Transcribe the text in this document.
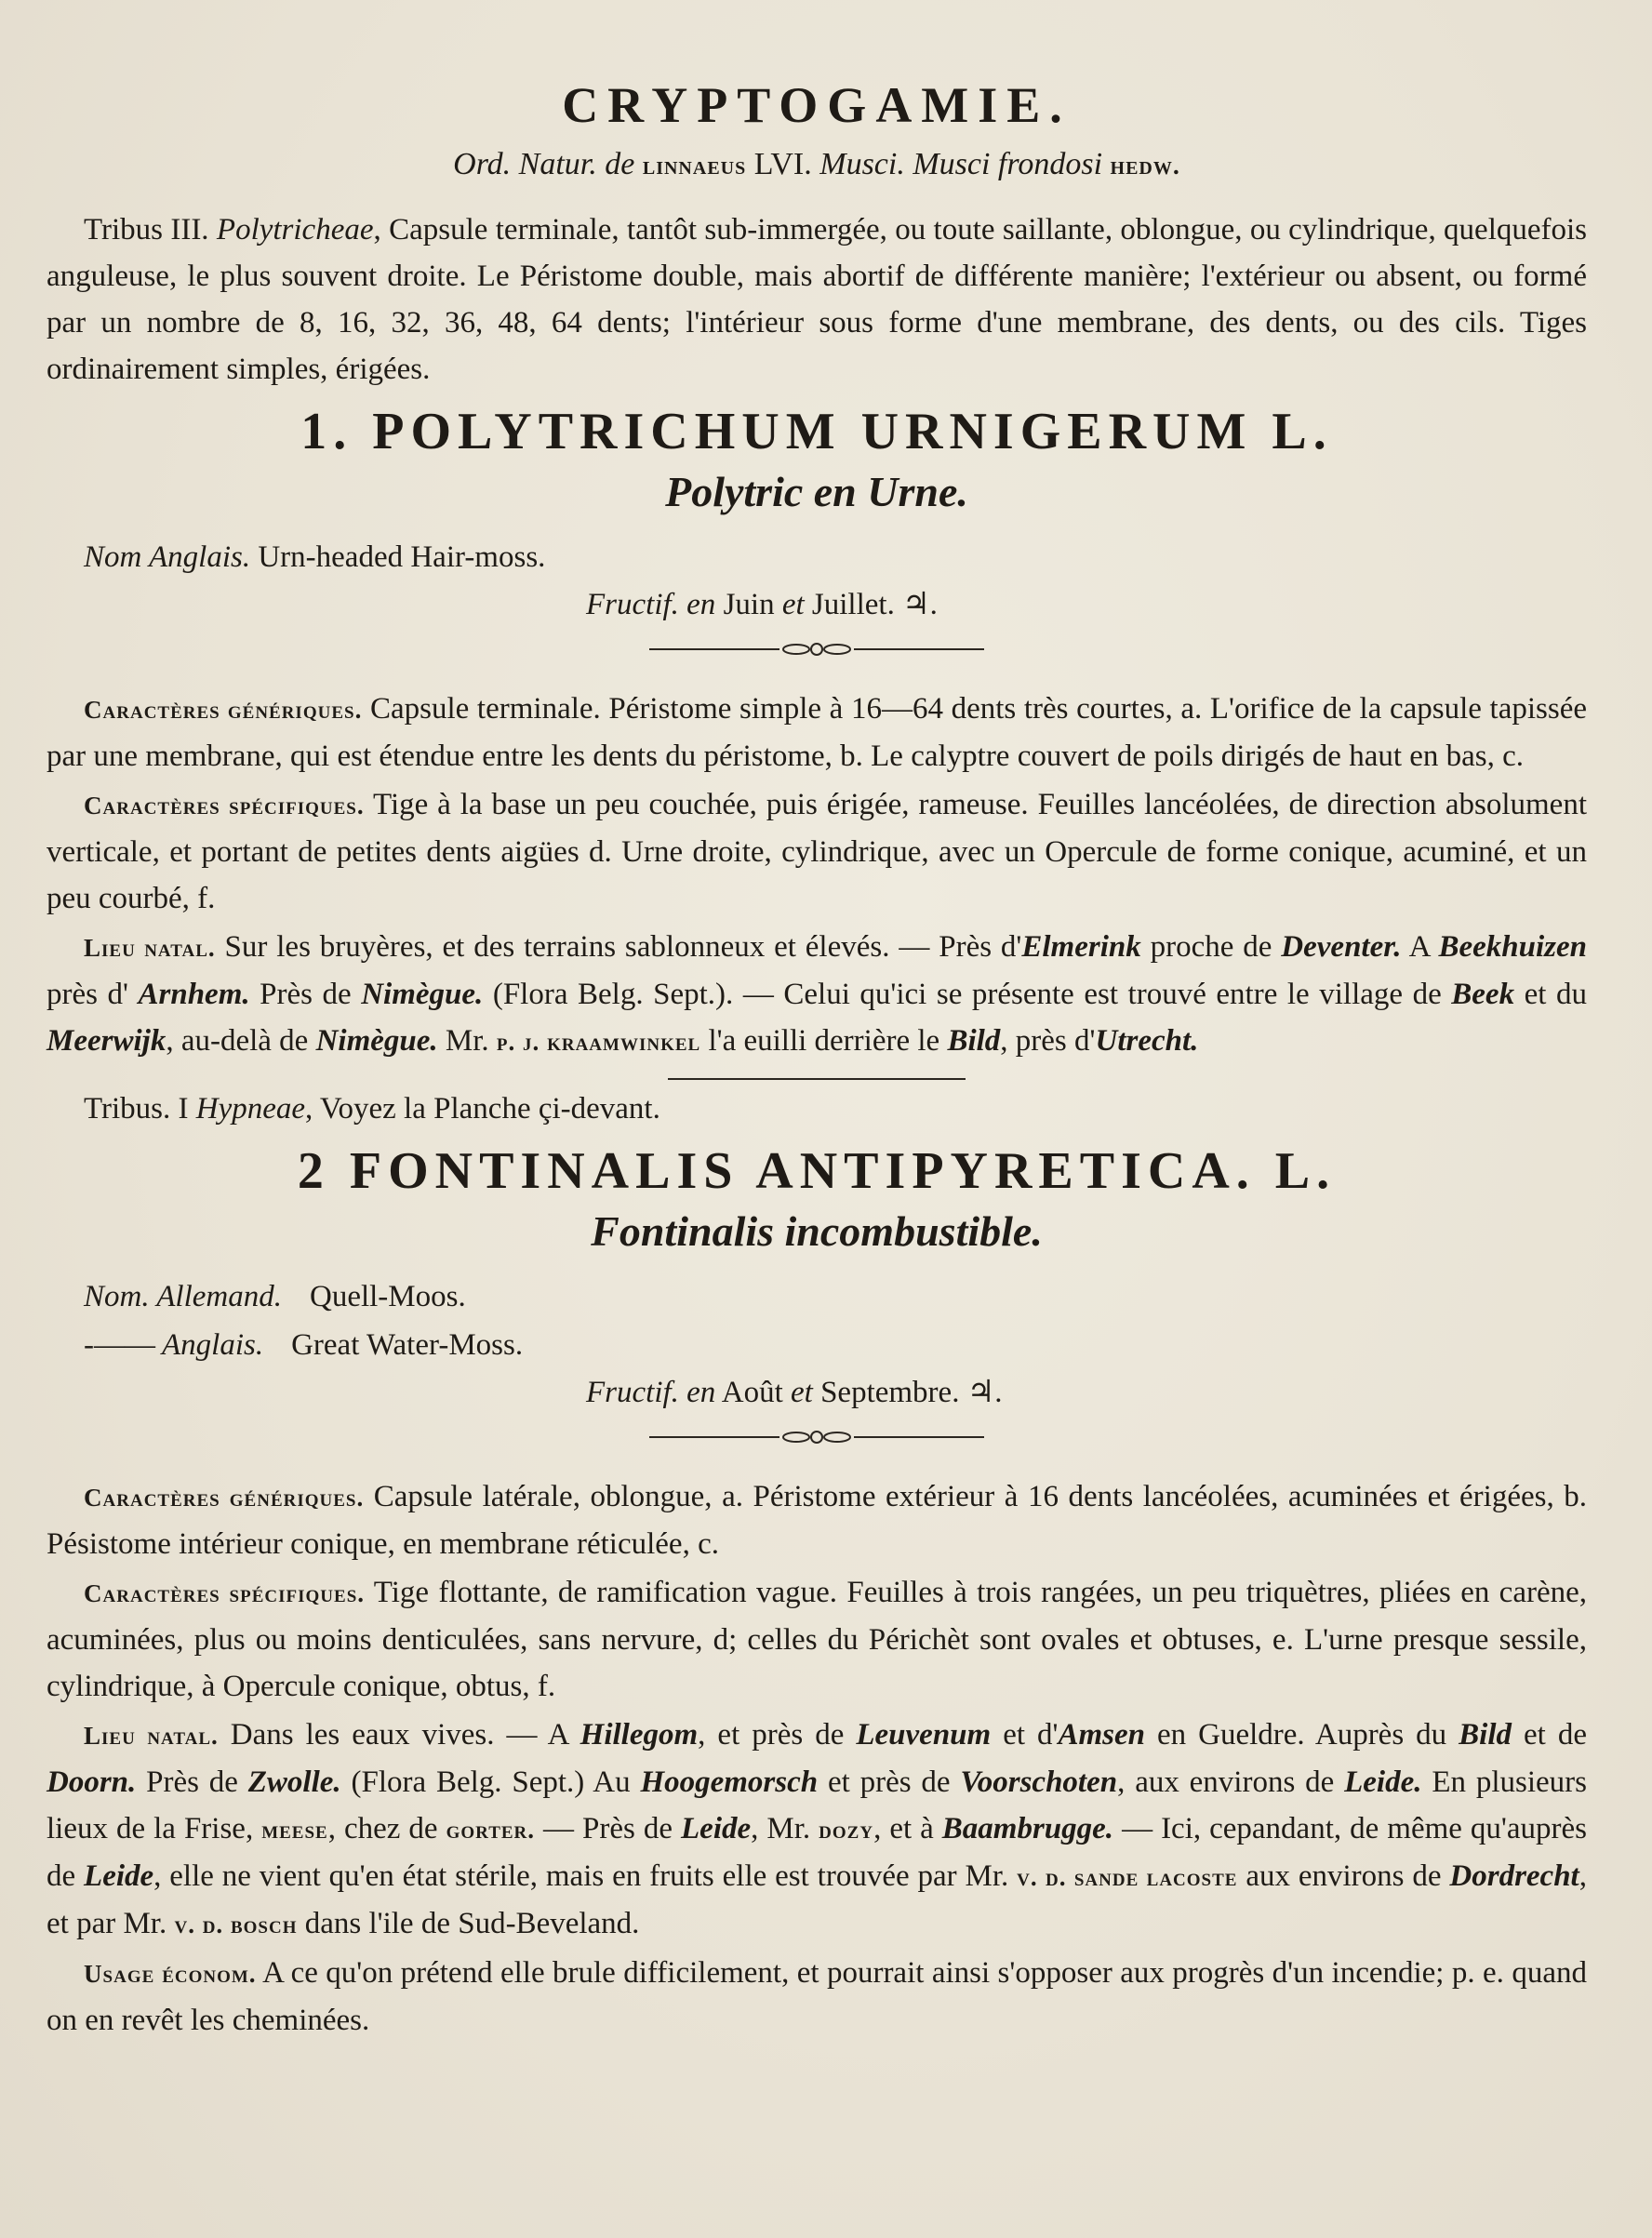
CRYPTOGAMIE.
Ord. Natur. de linnaeus LVI. Musci. Musci frondosi hedw.

Tribus III. Polytricheae, Capsule terminale, tantôt sub-immergée, ou toute saillante, oblongue, ou cylindrique, quelquefois anguleuse, le plus souvent droite. Le Péristome double, mais abortif de différente manière; l'extérieur ou absent, ou formé par un nombre de 8, 16, 32, 36, 48, 64 dents; l'intérieur sous forme d'une membrane, des dents, ou des cils. Tiges ordinairement simples, érigées.

1. POLYTRICHUM URNIGERUM L.
Polytric en Urne.
Nom Anglais. Urn-headed Hair-moss.
Fructif. en Juin et Juillet. ♃.

Caractères génériques. Capsule terminale. Péristome simple à 16—64 dents très courtes, a. L'orifice de la capsule tapissée par une membrane, qui est étendue entre les dents du péristome, b. Le calyptre couvert de poils dirigés de haut en bas, c.

Caractères spécifiques. Tige à la base un peu couchée, puis érigée, rameuse. Feuilles lancéolées, de direction absolument verticale, et portant de petites dents aigües d. Urne droite, cylindrique, avec un Opercule de forme conique, acuminé, et un peu courbé, f.

Lieu natal. Sur les bruyères, et des terrains sablonneux et élevés. — Près d'Elmerink proche de Deventer. A Beekhuizen près d' Arnhem. Près de Nimègue. (Flora Belg. Sept.). — Celui qu'ici se présente est trouvé entre le village de Beek et du Meerwijk, au-delà de Nimègue. Mr. p. j. kraamwinkel l'a euilli derrière le Bild, près d'Utrecht.

Tribus. I Hypneae, Voyez la Planche çi-devant.
2 FONTINALIS ANTIPYRETICA. L.
Fontinalis incombustible.
Nom. Allemand. Quell-Moos.
-—— Anglais. Great Water-Moss.
Fructif. en Août et Septembre. ♃.

Caractères génériques. Capsule latérale, oblongue, a. Péristome extérieur à 16 dents lancéolées, acuminées et érigées, b. Pésistome intérieur conique, en membrane réticulée, c.

Caractères spécifiques. Tige flottante, de ramification vague. Feuilles à trois rangées, un peu triquètres, pliées en carène, acuminées, plus ou moins denticulées, sans nervure, d; celles du Périchèt sont ovales et obtuses, e. L'urne presque sessile, cylindrique, à Opercule conique, obtus, f.

Lieu natal. Dans les eaux vives. — A Hillegom, et près de Leuvenum et d'Amsen en Gueldre. Auprès du Bild et de Doorn. Près de Zwolle. (Flora Belg. Sept.) Au Hoogemorsch et près de Voorschoten, aux environs de Leide. En plusieurs lieux de la Frise, meese, chez de gorter. — Près de Leide, Mr. dozy, et à Baambrugge. — Ici, cepandant, de même qu'auprès de Leide, elle ne vient qu'en état stérile, mais en fruits elle est trouvée par Mr. v. d. sande lacoste aux environs de Dordrecht, et par Mr. v. d. bosch dans l'ile de Sud-Beveland.

Usage écono​m. A ce qu'on prétend elle brule difficilement, et pourrait ainsi s'opposer aux progrès d'un incendie; p. e. quand on en revêt les cheminées.
